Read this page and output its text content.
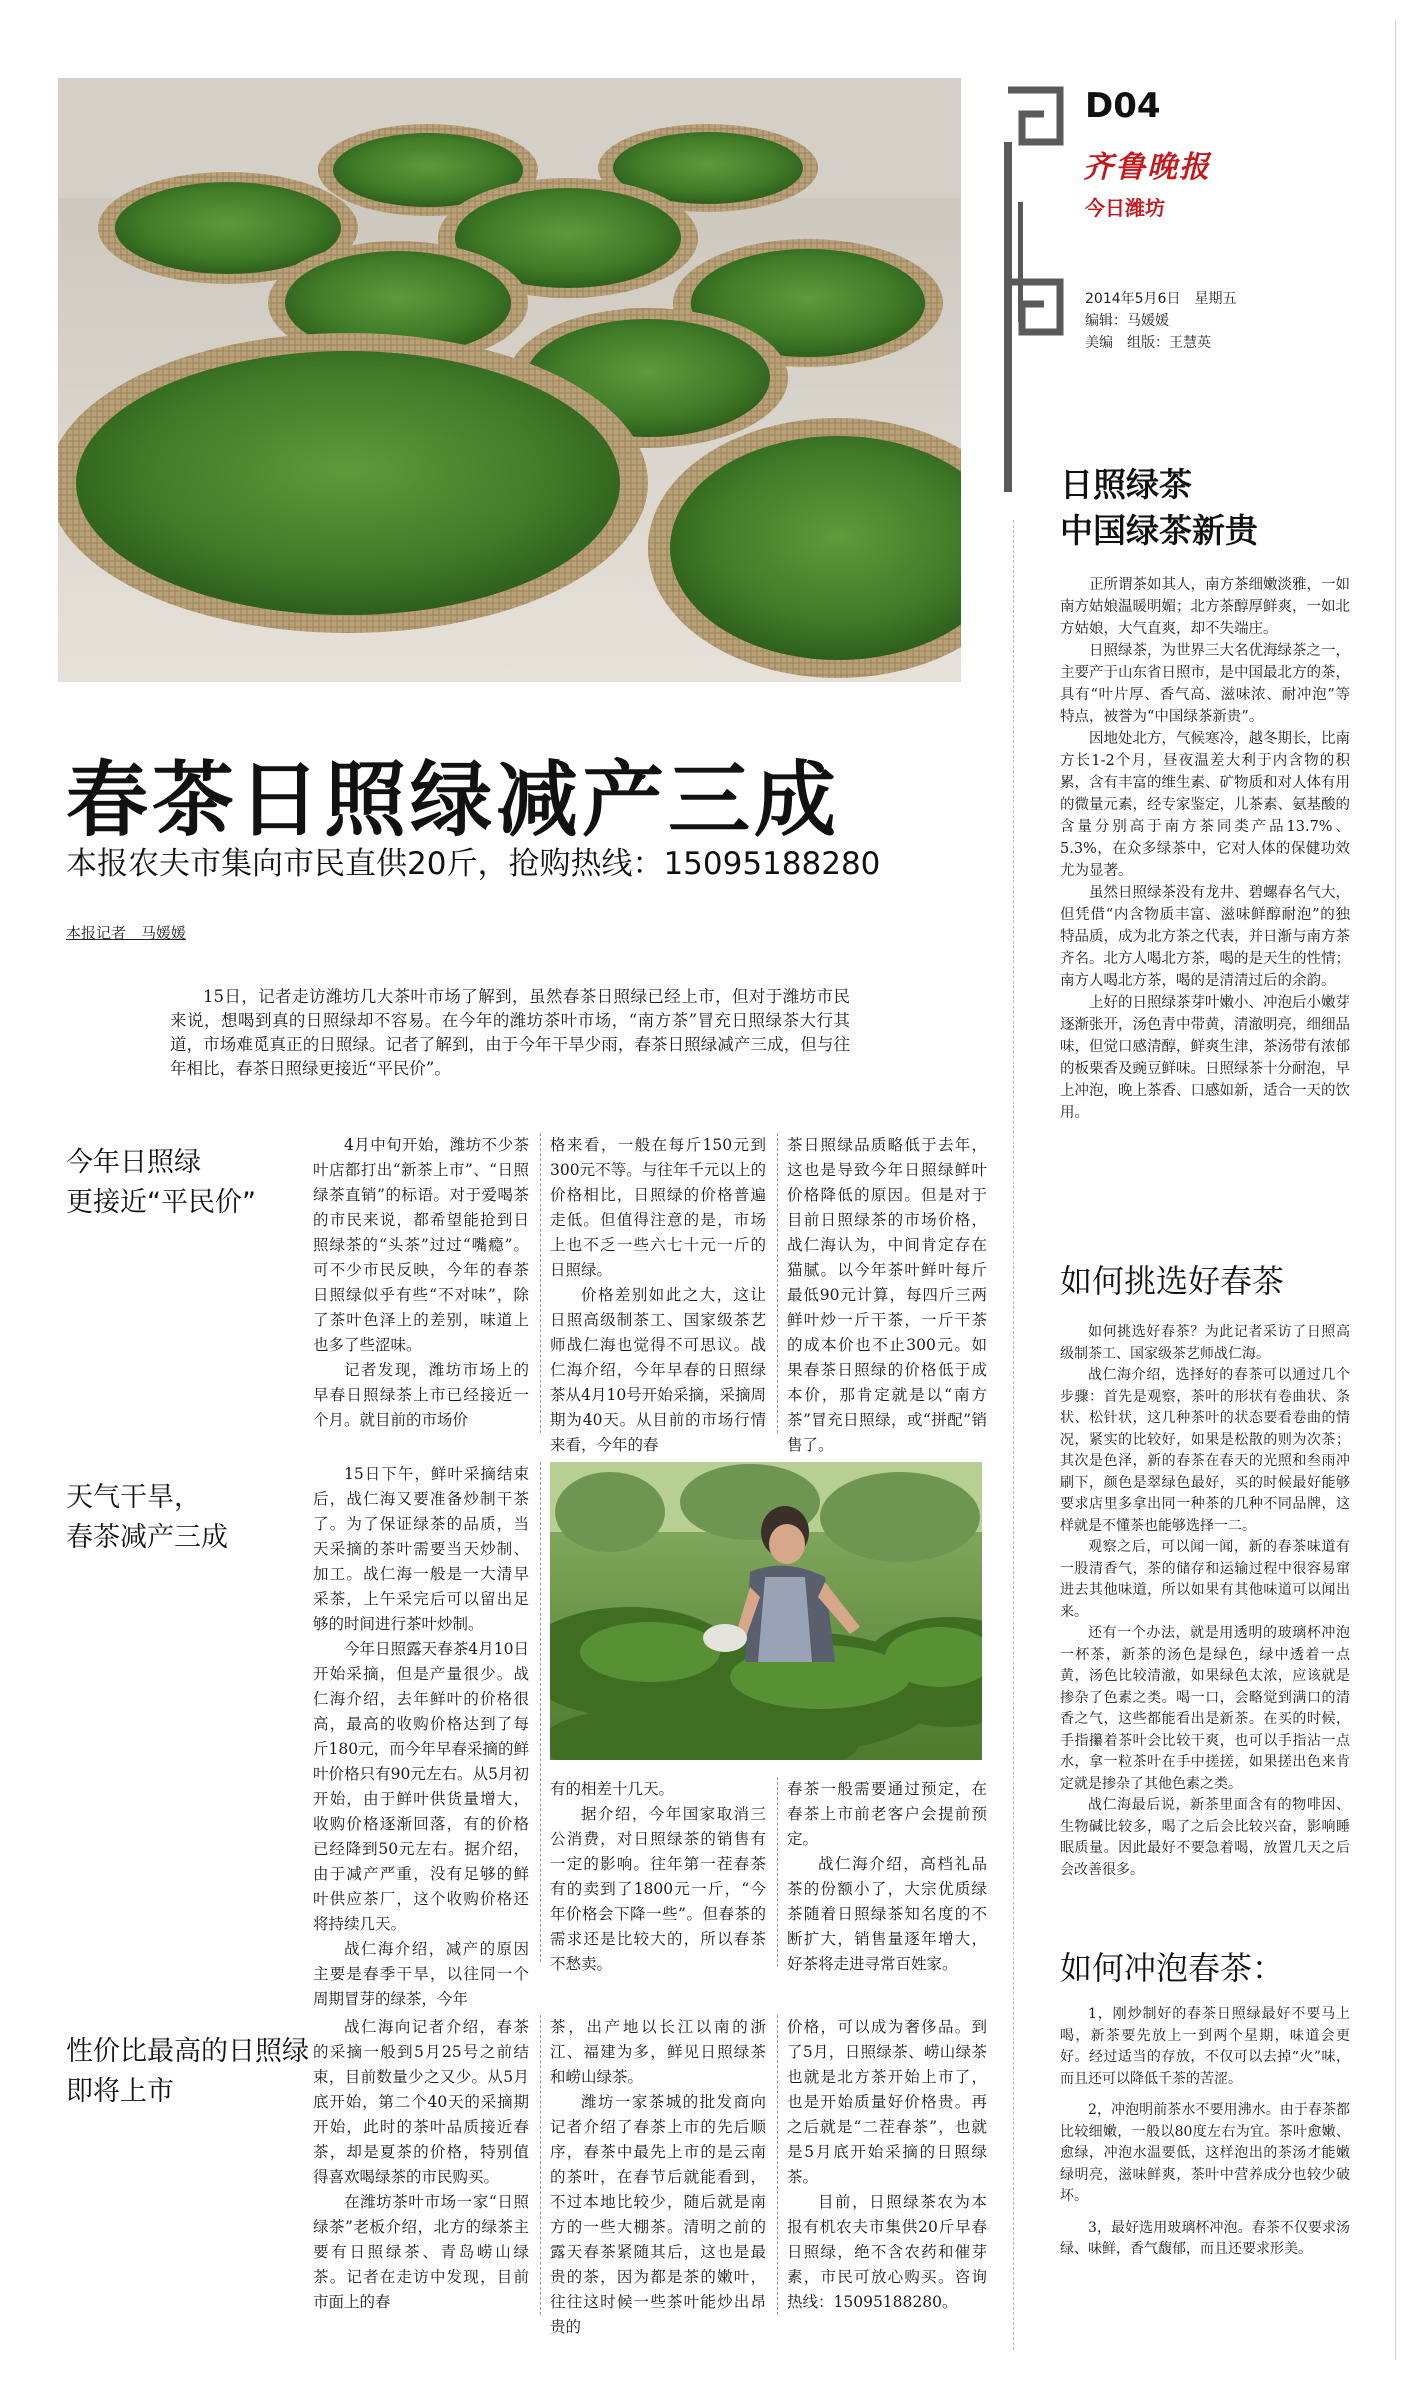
D04
齐鲁晚报
今日潍坊
2014年5月6日　星期五
编辑：马媛媛
美编　组版：王慧英
春茶日照绿减产三成
本报农夫市集向市民直供20斤，抢购热线：15095188280
本报记者　马媛媛

15日，记者走访潍坊几大茶叶市场了解到，虽然春茶日照绿已经上市，但对于潍坊市民来说，想喝到真的日照绿却不容易。在今年的潍坊茶叶市场，“南方茶”冒充日照绿茶大行其道，市场难觅真正的日照绿。记者了解到，由于今年干旱少雨，春茶日照绿减产三成，但与往年相比，春茶日照绿更接近“平民价”。

今年日照绿
更接近“平民价”

4月中旬开始，潍坊不少茶叶店都打出“新茶上市”、“日照绿茶直销”的标语。对于爱喝茶的市民来说，都希望能抢到日照绿茶的“头茶”过过“嘴瘾”。可不少市民反映，今年的春茶日照绿似乎有些“不对味”，除了茶叶色泽上的差别，味道上也多了些涩味。

记者发现，潍坊市场上的早春日照绿茶上市已经接近一个月。就目前的市场价

格来看，一般在每斤150元到300元不等。与往年千元以上的价格相比，日照绿的价格普遍走低。但值得注意的是，市场上也不乏一些六七十元一斤的日照绿。

价格差别如此之大，这让日照高级制茶工、国家级茶艺师战仁海也觉得不可思议。战仁海介绍，今年早春的日照绿茶从4月10号开始采摘，采摘周期为40天。从目前的市场行情来看，今年的春

茶日照绿品质略低于去年，这也是导致今年日照绿鲜叶价格降低的原因。但是对于目前日照绿茶的市场价格，战仁海认为，中间肯定存在猫腻。以今年茶叶鲜叶每斤最低90元计算，每四斤三两鲜叶炒一斤干茶，一斤干茶的成本价也不止300元。如果春茶日照绿的价格低于成本价，那肯定就是以“南方茶”冒充日照绿，或“拼配”销售了。

天气干旱，
春茶减产三成

15日下午，鲜叶采摘结束后，战仁海又要准备炒制干茶了。为了保证绿茶的品质，当天采摘的茶叶需要当天炒制、加工。战仁海一般是一大清早采茶，上午采完后可以留出足够的时间进行茶叶炒制。

今年日照露天春茶4月10日开始采摘，但是产量很少。战仁海介绍，去年鲜叶的价格很高，最高的收购价格达到了每斤180元，而今年早春采摘的鲜叶价格只有90元左右。从5月初开始，由于鲜叶供货量增大，收购价格逐渐回落，有的价格已经降到50元左右。据介绍，由于减产严重，没有足够的鲜叶供应茶厂，这个收购价格还将持续几天。

战仁海介绍，减产的原因主要是春季干旱，以往同一个周期冒芽的绿茶，今年

有的相差十几天。

据介绍，今年国家取消三公消费，对日照绿茶的销售有一定的影响。往年第一茬春茶有的卖到了1800元一斤，“今年价格会下降一些”。但春茶的需求还是比较大的，所以春茶不愁卖。

春茶一般需要通过预定，在春茶上市前老客户会提前预定。

战仁海介绍，高档礼品茶的份额小了，大宗优质绿茶随着日照绿茶知名度的不断扩大，销售量逐年增大，好茶将走进寻常百姓家。

性价比最高的日照绿
即将上市

战仁海向记者介绍，春茶的采摘一般到5月25号之前结束，目前数量少之又少。从5月底开始，第二个40天的采摘期开始，此时的茶叶品质接近春茶，却是夏茶的价格，特别值得喜欢喝绿茶的市民购买。

在潍坊茶叶市场一家“日照绿茶”老板介绍，北方的绿茶主要有日照绿茶、青岛崂山绿茶。记者在走访中发现，目前市面上的春

茶，出产地以长江以南的浙江、福建为多，鲜见日照绿茶和崂山绿茶。

潍坊一家茶城的批发商向记者介绍了春茶上市的先后顺序，春茶中最先上市的是云南的茶叶，在春节后就能看到，不过本地比较少，随后就是南方的一些大棚茶。清明之前的露天春茶紧随其后，这也是最贵的茶，因为都是茶的嫩叶，往往这时候一些茶叶能炒出昂贵的

价格，可以成为奢侈品。到了5月，日照绿茶、崂山绿茶也就是北方茶开始上市了，也是开始质量好价格贵。再之后就是“二茬春茶”，也就是5月底开始采摘的日照绿茶。

目前，日照绿茶农为本报有机农夫市集供20斤早春日照绿，绝不含农药和催芽素，市民可放心购买。咨询热线：15095188280。

日照绿茶
中国绿茶新贵

正所谓茶如其人，南方茶细嫩淡雅，一如南方姑娘温暖明媚；北方茶醇厚鲜爽，一如北方姑娘，大气直爽，却不失端庄。

日照绿茶，为世界三大名优海绿茶之一，主要产于山东省日照市，是中国最北方的茶，具有“叶片厚、香气高、滋味浓、耐冲泡”等特点，被誉为“中国绿茶新贵”。

因地处北方，气候寒冷，越冬期长，比南方长1-2个月，昼夜温差大利于内含物的积累，含有丰富的维生素、矿物质和对人体有用的微量元素，经专家鉴定，儿茶素、氨基酸的含量分别高于南方茶同类产品13.7%、5.3%，在众多绿茶中，它对人体的保健功效尤为显著。

虽然日照绿茶没有龙井、碧螺春名气大，但凭借“内含物质丰富、滋味鲜醇耐泡”的独特品质，成为北方茶之代表，并日渐与南方茶齐名。北方人喝北方茶，喝的是天生的性情；南方人喝北方茶，喝的是清清过后的余韵。

上好的日照绿茶芽叶嫩小、冲泡后小嫩芽逐渐张开，汤色青中带黄，清澈明亮，细细品味，但觉口感清醇，鲜爽生津，茶汤带有浓郁的板栗香及豌豆鲜味。日照绿茶十分耐泡，早上冲泡，晚上茶香、口感如新，适合一天的饮用。

如何挑选好春茶

如何挑选好春茶？为此记者采访了日照高级制茶工、国家级茶艺师战仁海。

战仁海介绍，选择好的春茶可以通过几个步骤：首先是观察，茶叶的形状有卷曲状、条状、松针状，这几种茶叶的状态要看卷曲的情况，紧实的比较好，如果是松散的则为次茶；其次是色泽，新的春茶在春天的光照和叁雨冲刷下，颜色是翠绿色最好，买的时候最好能够要求店里多拿出同一种茶的几种不同品牌，这样就是不懂茶也能够选择一二。

观察之后，可以闻一闻，新的春茶味道有一股清香气，茶的储存和运输过程中很容易窜进去其他味道，所以如果有其他味道可以闻出来。

还有一个办法，就是用透明的玻璃杯冲泡一杯茶，新茶的汤色是绿色，绿中透着一点黄，汤色比较清澈，如果绿色太浓，应该就是掺杂了色素之类。喝一口，会略觉到满口的清香之气，这些都能看出是新茶。在买的时候，手指攥着茶叶会比较干爽，也可以手指沾一点水，拿一粒茶叶在手中搓搓，如果搓出色来肯定就是掺杂了其他色素之类。

战仁海最后说，新茶里面含有的物啡因、生物碱比较多，喝了之后会比较兴奋，影响睡眠质量。因此最好不要急着喝，放置几天之后会改善很多。

如何冲泡春茶：

1，刚炒制好的春茶日照绿最好不要马上喝，新茶要先放上一到两个星期，味道会更好。经过适当的存放，不仅可以去掉“火”味，而且还可以降低千茶的苦涩。

2，冲泡明前茶水不要用沸水。由于春茶都比较细嫩，一般以80度左右为宜。茶叶愈嫩、愈绿，冲泡水温要低，这样泡出的茶汤才能嫩绿明亮，滋味鲜爽，茶叶中营养成分也较少破坏。

3，最好选用玻璃杯冲泡。春茶不仅要求汤绿、味鲜，香气馥郁，而且还要求形美。
